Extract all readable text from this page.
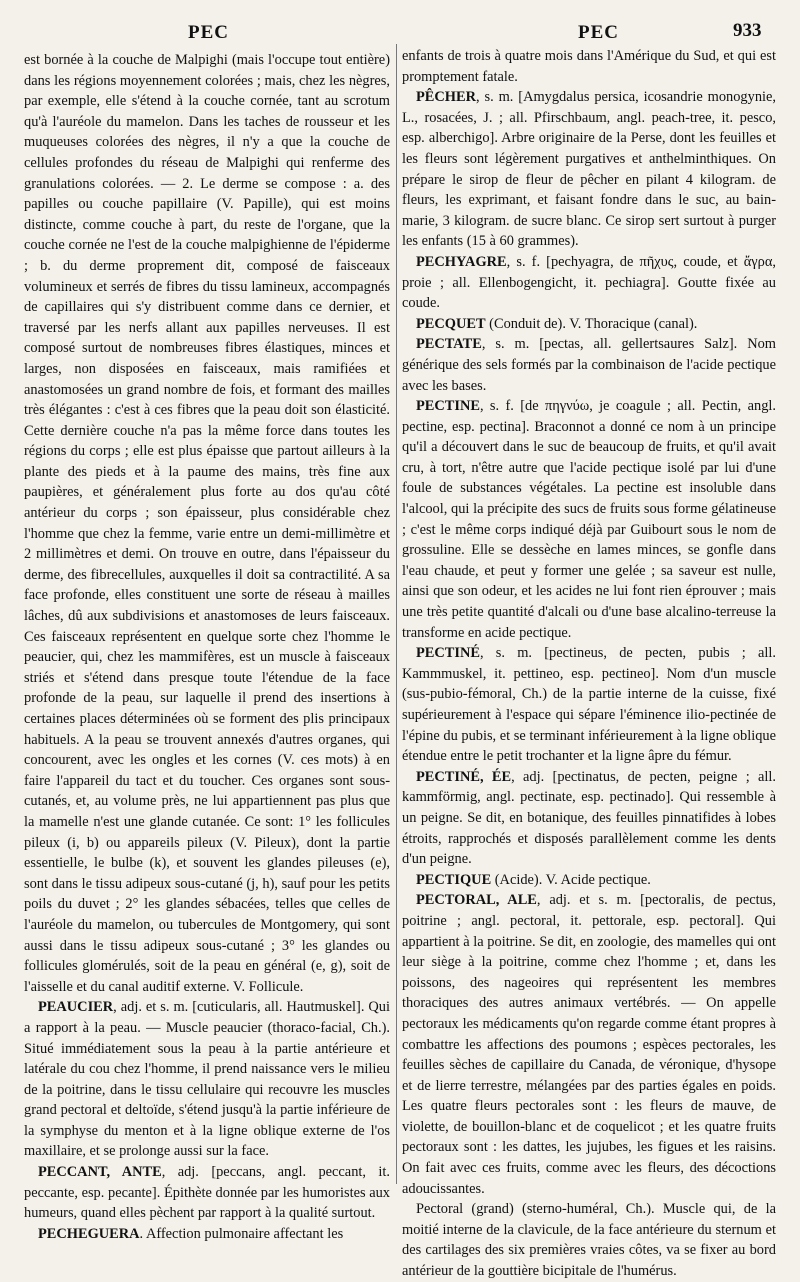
PEC	PEC	933

est bornée à la couche de Malpighi (mais l'occupe tout entière) dans les régions moyennement colorées ; mais, chez les nègres, par exemple, elle s'étend à la couche cornée, tant au scrotum qu'à l'auréole du mamelon. Dans les taches de rousseur et les muqueuses colorées des nègres, il n'y a que la couche de cellules profondes du réseau de Malpighi qui renferme des granulations colorées. — 2. Le derme se compose : a. des papilles ou couche papillaire (V. Papille), qui est moins distincte, comme couche à part, du reste de l'organe, que la couche cornée ne l'est de la couche malpighienne de l'épiderme ; b. du derme proprement dit, composé de faisceaux volumineux et serrés de fibres du tissu lamineux, accompagnés de capillaires qui s'y distribuent comme dans ce dernier, et traversé par les nerfs allant aux papilles nerveuses. Il est composé surtout de nombreuses fibres élastiques, minces et larges, non disposées en faisceaux, mais ramifiées et anastomosées un grand nombre de fois, et formant des mailles très élégantes : c'est à ces fibres que la peau doit son élasticité. Cette dernière couche n'a pas la même force dans toutes les régions du corps ; elle est plus épaisse que partout ailleurs à la plante des pieds et à la paume des mains, très fine aux paupières, et généralement plus forte au dos qu'au côté antérieur du corps ; son épaisseur, plus considérable chez l'homme que chez la femme, varie entre un demi-millimètre et 2 millimètres et demi. On trouve en outre, dans l'épaisseur du derme, des fibrecellules, auxquelles il doit sa contractilité. A sa face profonde, elles constituent une sorte de réseau à mailles lâches, dû aux subdivisions et anastomoses de leurs faisceaux. Ces faisceaux représentent en quelque sorte chez l'homme le peaucier, qui, chez les mammifères, est un muscle à faisceaux striés et s'étend dans presque toute l'étendue de la face profonde de la peau, sur laquelle il prend des insertions à certaines places déterminées où se forment des plis principaux habituels. A la peau se trouvent annexés d'autres organes, qui concourent, avec les ongles et les cornes (V. ces mots) à en faire l'appareil du tact et du toucher. Ces organes sont sous-cutanés, et, au volume près, ne lui appartiennent pas plus que la mamelle n'est une glande cutanée. Ce sont: 1° les follicules pileux (i, b) ou appareils pileux (V. Pileux), dont la partie essentielle, le bulbe (k), et souvent les glandes pileuses (e), sont dans le tissu adipeux sous-cutané (j, h), sauf pour les petits poils du duvet ; 2° les glandes sébacées, telles que celles de l'auréole du mamelon, ou tubercules de Montgomery, qui sont aussi dans le tissu adipeux sous-cutané ; 3° les glandes ou follicules glomérulés, soit de la peau en général (e, g), soit de l'aisselle et du canal auditif externe. V. Follicule.

PEAUCIER, adj. et s. m. [cuticularis, all. Hautmuskel]. Qui a rapport à la peau. — Muscle peaucier (thoraco-facial, Ch.). Situé immédiatement sous la peau à la partie antérieure et latérale du cou chez l'homme, il prend naissance vers le milieu de la poitrine, dans le tissu cellulaire qui recouvre les muscles grand pectoral et deltoïde, s'étend jusqu'à la partie inférieure de la symphyse du menton et à la ligne oblique externe de l'os maxillaire, et se prolonge aussi sur la face.

PECCANT, ANTE, adj. [peccans, angl. peccant, it. peccante, esp. pecante]. Épithète donnée par les humoristes aux humeurs, quand elles pèchent par rapport à la qualité surtout.

PECHEGUERA. Affection pulmonaire affectant les

enfants de trois à quatre mois dans l'Amérique du Sud, et qui est promptement fatale.

PÊCHER, s. m. [Amygdalus persica, icosandrie monogynie, L., rosacées, J. ; all. Pfirschbaum, angl. peach-tree, it. pesco, esp. alberchigo]. Arbre originaire de la Perse, dont les feuilles et les fleurs sont légèrement purgatives et anthelminthiques. On prépare le sirop de fleur de pêcher en pilant 4 kilogram. de fleurs, les exprimant, et faisant fondre dans le suc, au bain-marie, 3 kilogram. de sucre blanc. Ce sirop sert surtout à purger les enfants (15 à 60 grammes).

PECHYAGRE, s. f. [pechyagra, de πῆχυς, coude, et ἄγρα, proie ; all. Ellenbogengicht, it. pechiagra]. Goutte fixée au coude.

PECQUET (Conduit de). V. Thoracique (canal).

PECTATE, s. m. [pectas, all. gellertsaures Salz]. Nom générique des sels formés par la combinaison de l'acide pectique avec les bases.

PECTINE, s. f. [de πηγνύω, je coagule ; all. Pectin, angl. pectine, esp. pectina]. Braconnot a donné ce nom à un principe qu'il a découvert dans le suc de beaucoup de fruits, et qu'il avait cru, à tort, n'être autre que l'acide pectique isolé par lui d'une foule de substances végétales. La pectine est insoluble dans l'alcool, qui la précipite des sucs de fruits sous forme gélatineuse ; c'est le même corps indiqué déjà par Guibourt sous le nom de grossuline. Elle se dessèche en lames minces, se gonfle dans l'eau chaude, et peut y former une gelée ; sa saveur est nulle, ainsi que son odeur, et les acides ne lui font rien éprouver ; mais une très petite quantité d'alcali ou d'une base alcalino-terreuse la transforme en acide pectique.

PECTINÉ, s. m. [pectineus, de pecten, pubis ; all. Kammmuskel, it. pettineo, esp. pectineo]. Nom d'un muscle (sus-pubio-fémoral, Ch.) de la partie interne de la cuisse, fixé supérieurement à l'espace qui sépare l'éminence ilio-pectinée de l'épine du pubis, et se terminant inférieurement à la ligne oblique étendue entre le petit trochanter et la ligne âpre du fémur.

PECTINÉ, ÉE, adj. [pectinatus, de pecten, peigne ; all. kammförmig, angl. pectinate, esp. pectinado]. Qui ressemble à un peigne. Se dit, en botanique, des feuilles pinnatifides à lobes étroits, rapprochés et disposés parallèlement comme les dents d'un peigne.

PECTIQUE (Acide). V. Acide pectique.

PECTORAL, ALE, adj. et s. m. [pectoralis, de pectus, poitrine ; angl. pectoral, it. pettorale, esp. pectoral]. Qui appartient à la poitrine. Se dit, en zoologie, des mamelles qui ont leur siège à la poitrine, comme chez l'homme ; et, dans les poissons, des nageoires qui représentent les membres thoraciques des autres animaux vertébrés. — On appelle pectoraux les médicaments qu'on regarde comme étant propres à combattre les affections des poumons ; espèces pectorales, les feuilles sèches de capillaire du Canada, de véronique, d'hysope et de lierre terrestre, mélangées par des parties égales en poids. Les quatre fleurs pectorales sont : les fleurs de mauve, de violette, de bouillon-blanc et de coquelicot ; et les quatre fruits pectoraux sont : les dattes, les jujubes, les figues et les raisins. On fait avec ces fruits, comme avec les fleurs, des décoctions adoucissantes.

Pectoral (grand) (sterno-huméral, Ch.). Muscle qui, de la moitié interne de la clavicule, de la face antérieure du sternum et des cartilages des six premières vraies côtes, va se fixer au bord antérieur de la gouttière bicipitale de l'humérus.
